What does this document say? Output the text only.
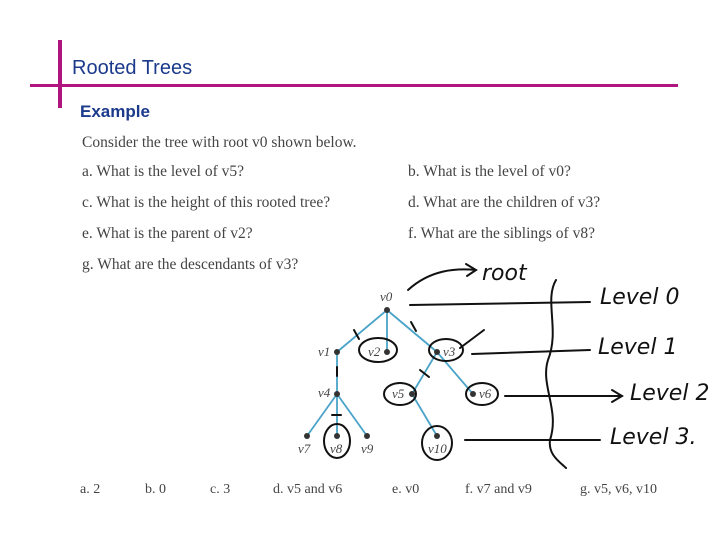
Rooted Trees
Example
Consider the tree with root v0 shown below.
a. What is the level of v5?	b. What is the level of v0?
c. What is the height of this rooted tree?	d. What are the children of v3?
e. What is the parent of v2?	f. What are the siblings of v8?
g. What are the descendants of v3?
v0
v1	v2	v3
v4	v5	v6
v7 v8 v9	v10
root
Level 0
Level 1
Level 2
Level 3.
a. 2	b. 0	c. 3	d. v5 and v6	e. v0	f. v7 and v9	g. v5, v6, v10
